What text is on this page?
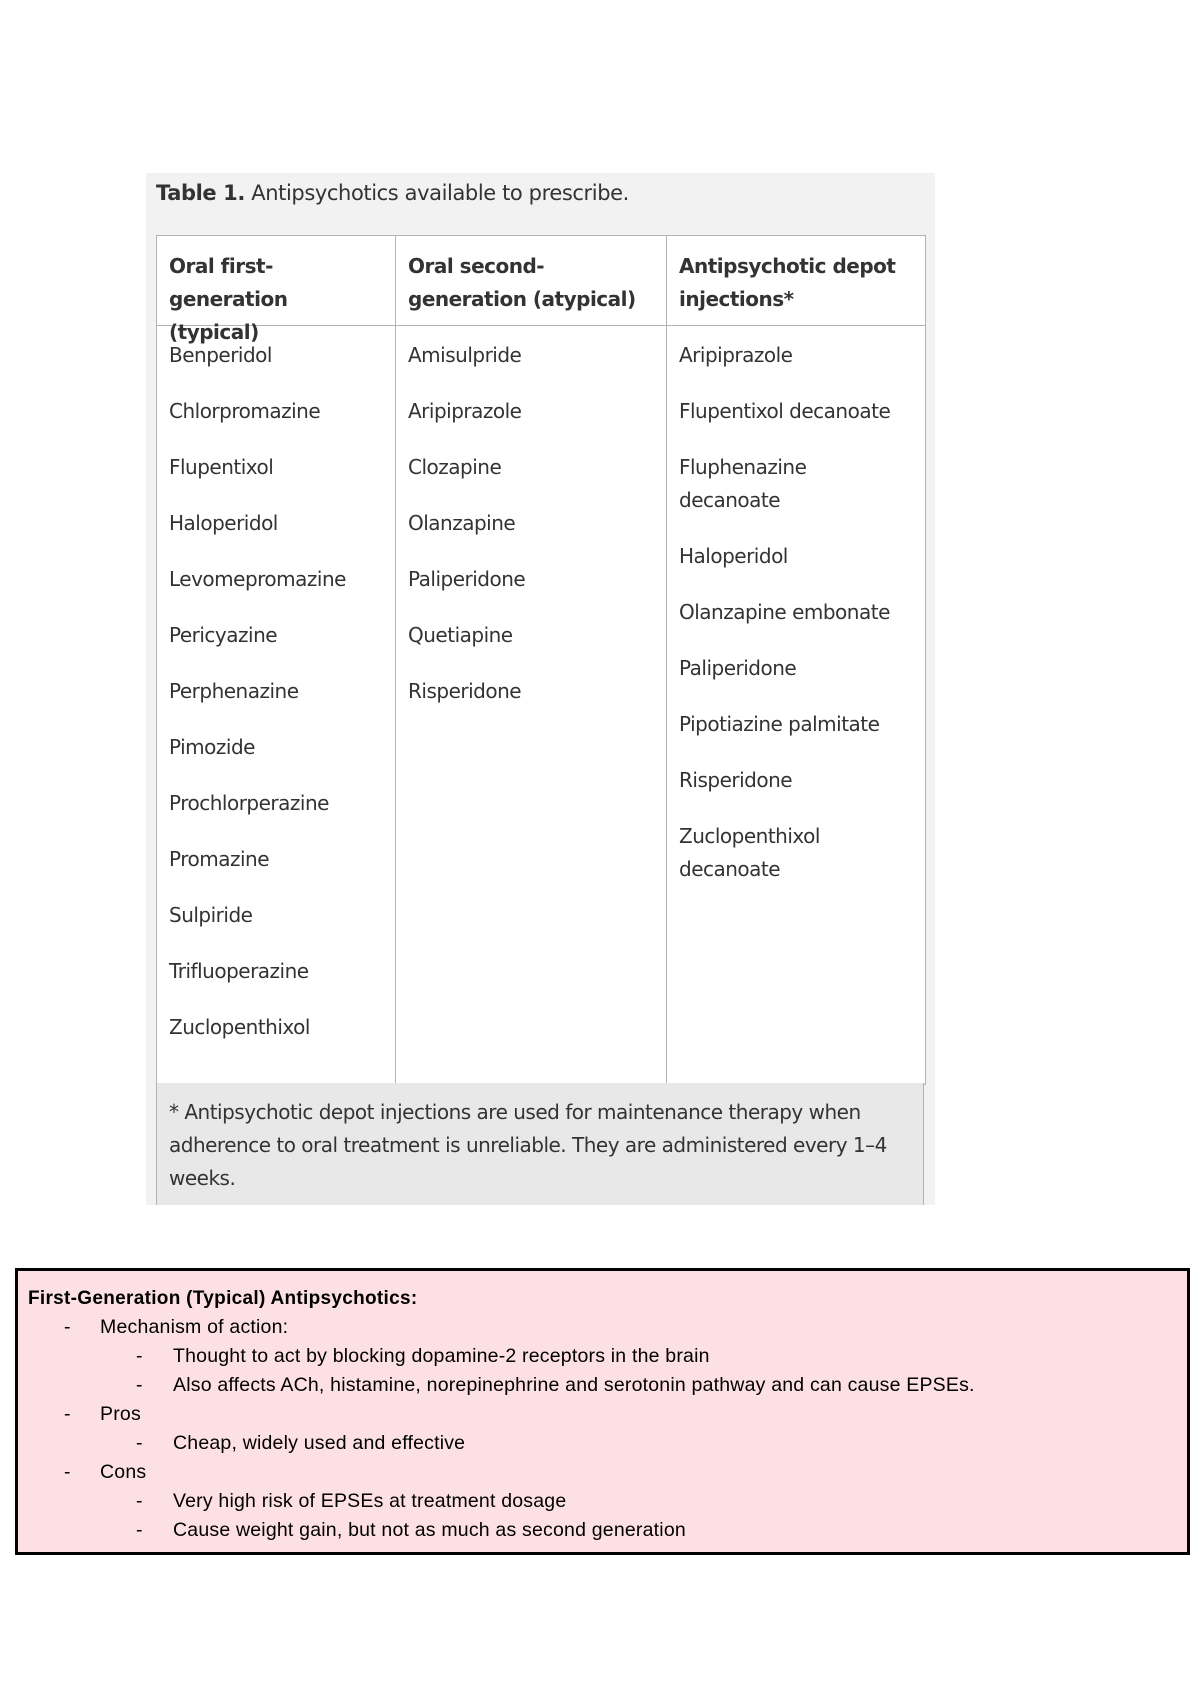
Table 1. Antipsychotics available to prescribe.
Oral first-generation (typical)
Oral second-generation (atypical)
Antipsychotic depot injections*
Benperidol
Chlorpromazine
Flupentixol
Haloperidol
Levomepromazine
Pericyazine
Perphenazine
Pimozide
Prochlorperazine
Promazine
Sulpiride
Trifluoperazine
Zuclopenthixol
Amisulpride
Aripiprazole
Clozapine
Olanzapine
Paliperidone
Quetiapine
Risperidone
Aripiprazole
Flupentixol decanoate
Fluphenazine decanoate
Haloperidol
Olanzapine embonate
Paliperidone
Pipotiazine palmitate
Risperidone
Zuclopenthixol decanoate
* Antipsychotic depot injections are used for maintenance therapy when adherence to oral treatment is unreliable. They are administered every 1–4 weeks.
First-Generation (Typical) Antipsychotics:
- Mechanism of action:
- Thought to act by blocking dopamine-2 receptors in the brain
- Also affects ACh, histamine, norepinephrine and serotonin pathway and can cause EPSEs.
- Pros
- Cheap, widely used and effective
- Cons
- Very high risk of EPSEs at treatment dosage
- Cause weight gain, but not as much as second generation
